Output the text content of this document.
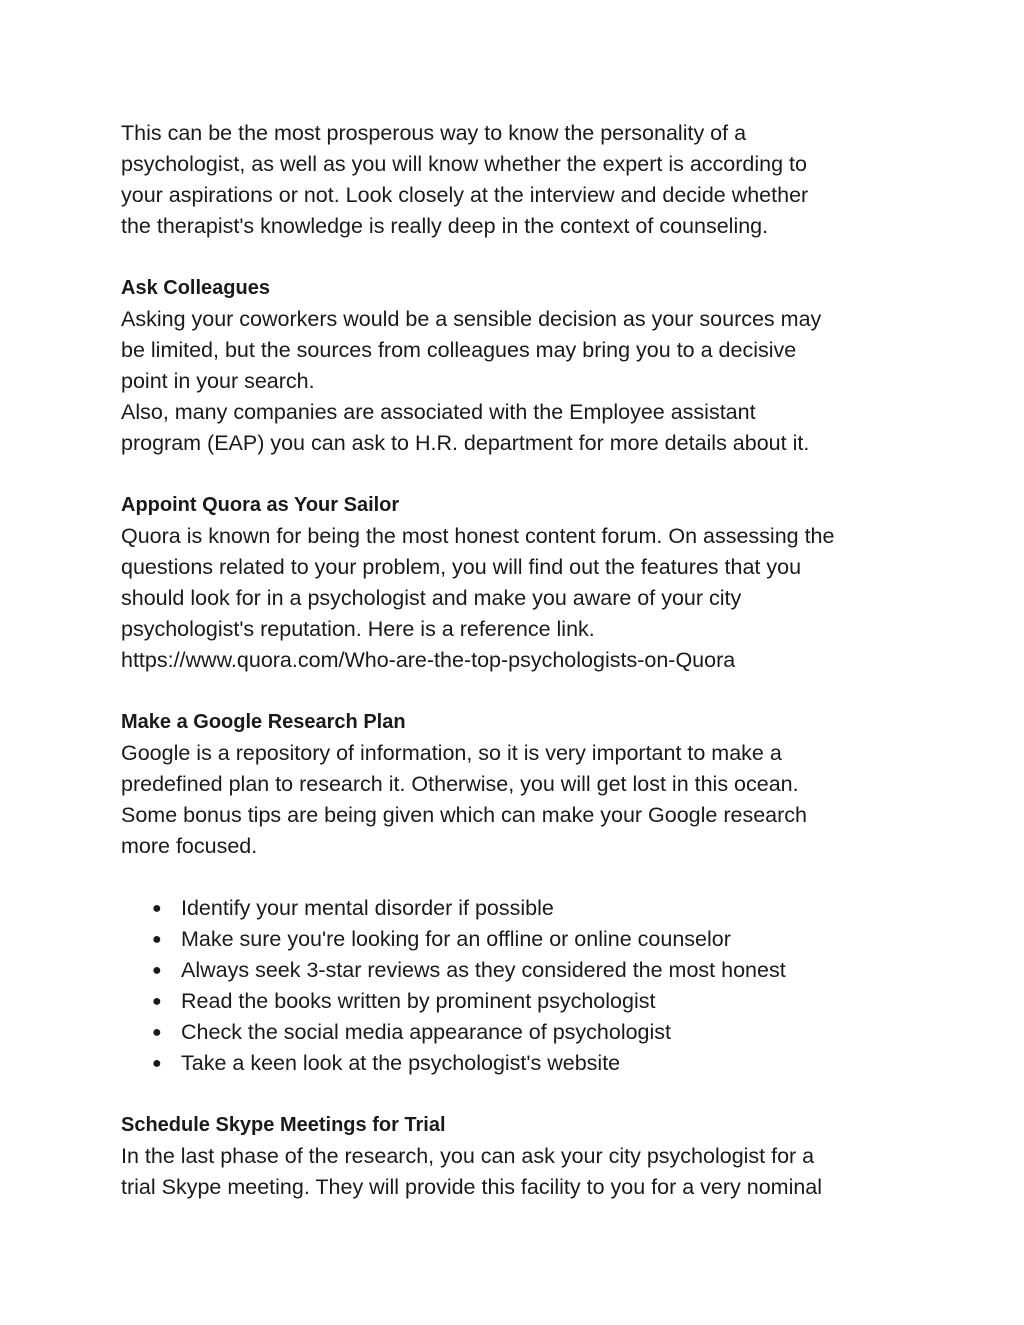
This can be the most prosperous way to know the personality of a

psychologist, as well as you will know whether the expert is according to

your aspirations or not. Look closely at the interview and decide whether

the therapist's knowledge is really deep in the context of counseling.

Ask Colleagues

Asking your coworkers would be a sensible decision as your sources may

be limited, but the sources from colleagues may bring you to a decisive

point in your search.

Also, many companies are associated with the Employee assistant

program (EAP) you can ask to H.R. department for more details about it.

Appoint Quora as Your Sailor

Quora is known for being the most honest content forum. On assessing the

questions related to your problem, you will find out the features that you

should look for in a psychologist and make you aware of your city

psychologist's reputation. Here is a reference link.

https://www.quora.com/Who-are-the-top-psychologists-on-Quora

Make a Google Research Plan

Google is a repository of information, so it is very important to make a

predefined plan to research it. Otherwise, you will get lost in this ocean.

Some bonus tips are being given which can make your Google research

more focused.

● Identify your mental disorder if possible
● Make sure you're looking for an offline or online counselor
● Always seek 3-star reviews as they considered the most honest
● Read the books written by prominent psychologist
● Check the social media appearance of psychologist
● Take a keen look at the psychologist's website

Schedule Skype Meetings for Trial

In the last phase of the research, you can ask your city psychologist for a

trial Skype meeting. They will provide this facility to you for a very nominal
